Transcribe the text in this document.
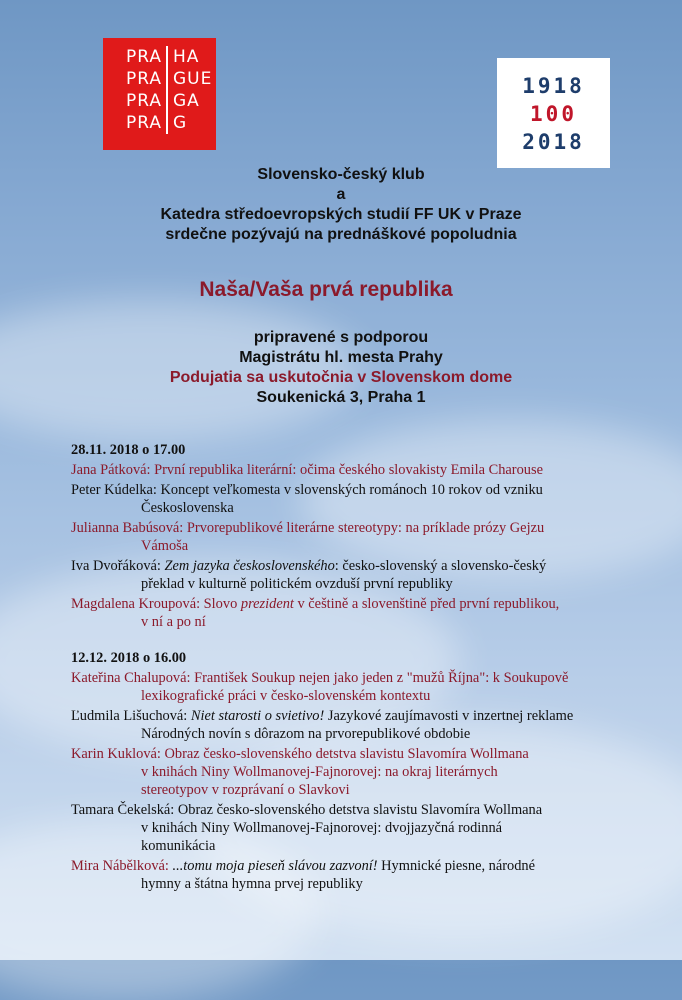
PRA HA
PRA GUE
PRA GA
PRA G
1918
100
2018
Slovensko-český klub
a
Katedra středoevropských studií FF UK v Praze
srdečne pozývajú na prednáškové popoludnia
Naša/Vaša prvá republika
pripravené s podporou
Magistrátu hl. mesta Prahy
Podujatia sa uskutočnia v Slovenskom dome
Soukenická 3, Praha 1
28.11. 2018 o 17.00
Jana Pátková: První republika literární: očima českého slovakisty Emila Charouse
Peter Kúdelka: Koncept veľkomesta v slovenských románoch 10 rokov od vzniku
Československa
Julianna Babúsová: Prvorepublikové literárne stereotypy: na príklade prózy Gejzu
Vámoša
Iva Dvořáková: Zem jazyka československého: česko-slovenský a slovensko-český
překlad v kulturně politickém ovzduší první republiky
Magdalena Kroupová: Slovo prezident v češtině a slovenštině před první republikou,
v ní a po ní
12.12. 2018 o 16.00
Kateřina Chalupová: František Soukup nejen jako jeden z "mužů Října": k Soukupově
lexikografické práci v česko-slovenském kontextu
Ľudmila Lišuchová: Niet starosti o svietivo! Jazykové zaujímavosti v inzertnej reklame
Národných novín s dôrazom na prvorepublikové obdobie
Karin Kuklová: Obraz česko-slovenského detstva slavistu Slavomíra Wollmana
v knihách Niny Wollmanovej-Fajnorovej: na okraj literárnych
stereotypov v rozprávaní o Slavkovi
Tamara Čekelská: Obraz česko-slovenského detstva slavistu Slavomíra Wollmana
v knihách Niny Wollmanovej-Fajnorovej: dvojjazyčná rodinná
komunikácia
Mira Nábělková: ...tomu moja pieseň slávou zazvoní! Hymnické piesne, národné
hymny a štátna hymna prvej republiky
